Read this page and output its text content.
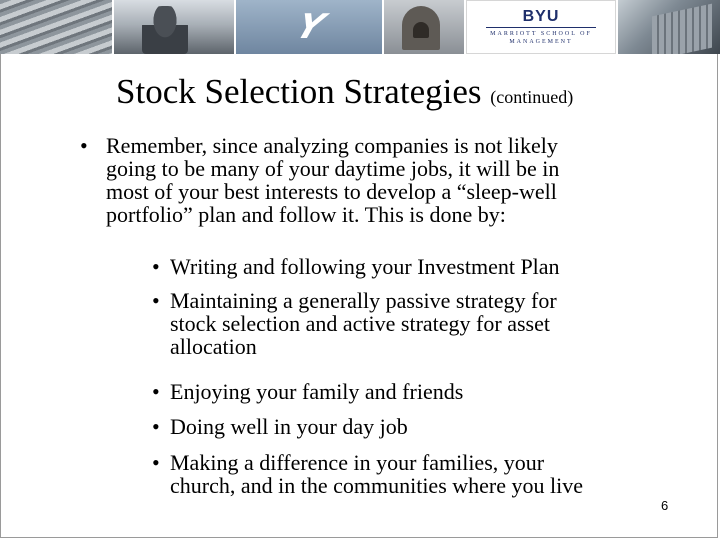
Y	BYU
MARRIOTT SCHOOL OF MANAGEMENT
Stock Selection Strategies (continued)
• Remember, since analyzing companies is not likely
going to be many of your daytime jobs, it will be in
most of your best interests to develop a “sleep-well
portfolio” plan and follow it. This is done by:
• Writing and following your Investment Plan
• Maintaining a generally passive strategy for
stock selection and active strategy for asset
allocation
• Enjoying your family and friends
• Doing well in your day job
• Making a difference in your families, your
church, and in the communities where you live
6
